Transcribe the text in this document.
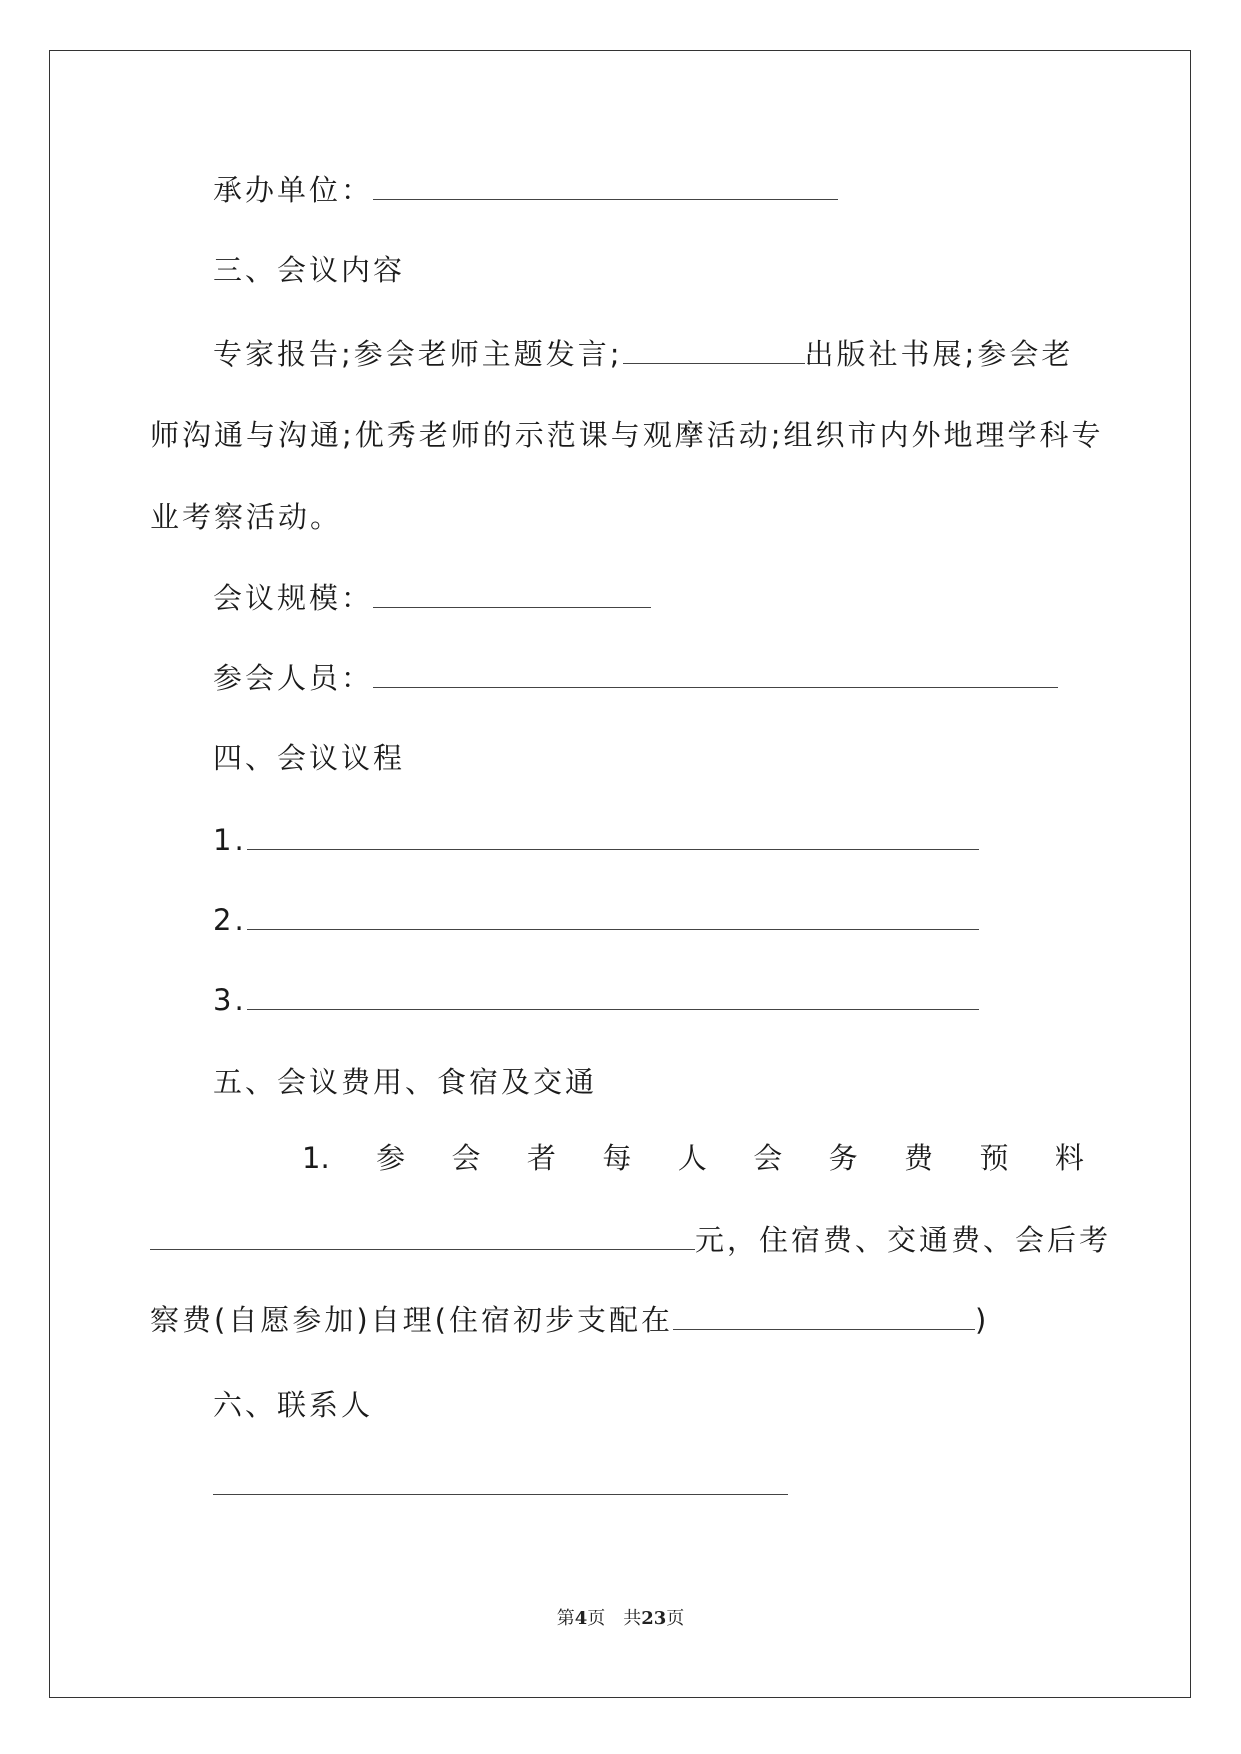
承办单位：
三、会议内容
专家报告;参会老师主题发言;	出版社书展;参会老
师沟通与沟通;优秀老师的示范课与观摩活动;组织市内外地理学科专
业考察活动。
会议规模：
参会人员：
四、会议议程
1.
2.
3.
五、会议费用、食宿及交通
1. 参 会 者 每 人 会 务 费 预 料
元，住宿费、交通费、会后考
察费(自愿参加)自理(住宿初步支配在	)
六、联系人
第4页　共23页
